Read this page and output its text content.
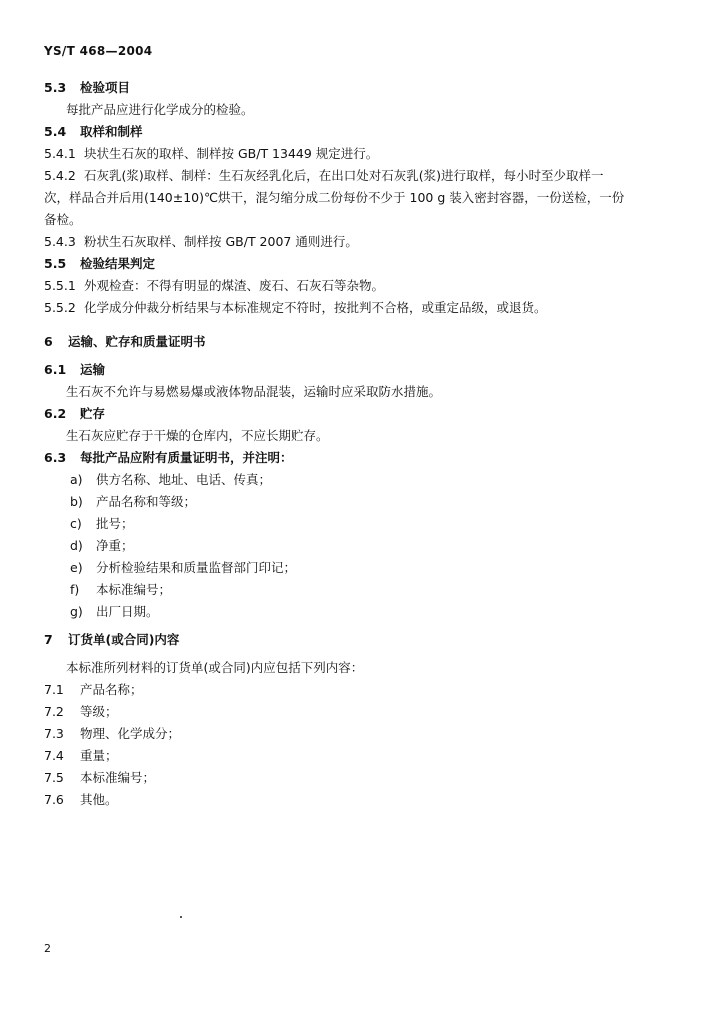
YS/T 468—2004
5.3 检验项目
每批产品应进行化学成分的检验。
5.4 取样和制样
5.4.1 块状生石灰的取样、制样按 GB/T 13449 规定进行。
5.4.2 石灰乳(浆)取样、制样：生石灰经乳化后，在出口处对石灰乳(浆)进行取样，每小时至少取样一
次，样品合并后用(140±10)℃烘干，混匀缩分成二份每份不少于 100 g 装入密封容器，一份送检，一份
备检。
5.4.3 粉状生石灰取样、制样按 GB/T 2007 通则进行。
5.5 检验结果判定
5.5.1 外观检查：不得有明显的煤渣、废石、石灰石等杂物。
5.5.2 化学成分仲裁分析结果与本标准规定不符时，按批判不合格，或重定品级，或退货。
6 运输、贮存和质量证明书
6.1 运输
生石灰不允许与易燃易爆或液体物品混装，运输时应采取防水措施。
6.2 贮存
生石灰应贮存于干燥的仓库内，不应长期贮存。
6.3 每批产品应附有质量证明书，并注明：
a) 供方名称、地址、电话、传真；
b) 产品名称和等级；
c) 批号；
d) 净重；
e) 分析检验结果和质量监督部门印记；
f) 本标准编号；
g) 出厂日期。
7 订货单(或合同)内容
本标准所列材料的订货单(或合同)内应包括下列内容：
7.1 产品名称；
7.2 等级；
7.3 物理、化学成分；
7.4 重量；
7.5 本标准编号；
7.6 其他。
2
